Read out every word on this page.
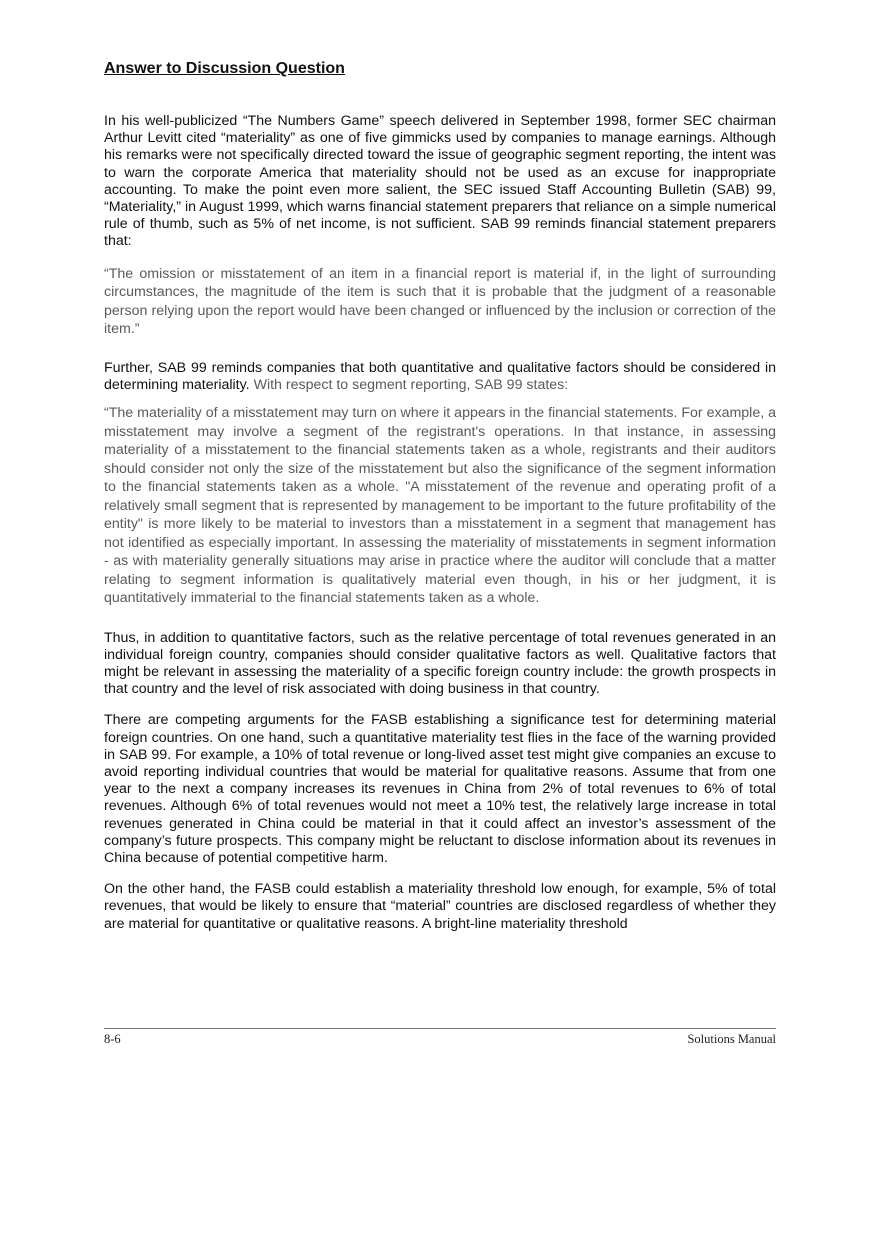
Answer to Discussion Question

In his well-publicized “The Numbers Game” speech delivered in September 1998, former SEC chairman Arthur Levitt cited “materiality” as one of five gimmicks used by companies to manage earnings. Although his remarks were not specifically directed toward the issue of geographic segment reporting, the intent was to warn the corporate America that materiality should not be used as an excuse for inappropriate accounting. To make the point even more salient, the SEC issued Staff Accounting Bulletin (SAB) 99, “Materiality,” in August 1999, which warns financial statement preparers that reliance on a simple numerical rule of thumb, such as 5% of net income, is not sufficient. SAB 99 reminds financial statement preparers that:

“The omission or misstatement of an item in a financial report is material if, in the light of surrounding circumstances, the magnitude of the item is such that it is probable that the judgment of a reasonable person relying upon the report would have been changed or influenced by the inclusion or correction of the item.”

Further, SAB 99 reminds companies that both quantitative and qualitative factors should be considered in determining materiality. With respect to segment reporting, SAB 99 states:

“The materiality of a misstatement may turn on where it appears in the financial statements. For example, a misstatement may involve a segment of the registrant's operations. In that instance, in assessing materiality of a misstatement to the financial statements taken as a whole, registrants and their auditors should consider not only the size of the misstatement but also the significance of the segment information to the financial statements taken as a whole. "A misstatement of the revenue and operating profit of a relatively small segment that is represented by management to be important to the future profitability of the entity" is more likely to be material to investors than a misstatement in a segment that management has not identified as especially important. In assessing the materiality of misstatements in segment information - as with materiality generally situations may arise in practice where the auditor will conclude that a matter relating to segment information is qualitatively material even though, in his or her judgment, it is quantitatively immaterial to the financial statements taken as a whole.

Thus, in addition to quantitative factors, such as the relative percentage of total revenues generated in an individual foreign country, companies should consider qualitative factors as well. Qualitative factors that might be relevant in assessing the materiality of a specific foreign country include: the growth prospects in that country and the level of risk associated with doing business in that country.

There are competing arguments for the FASB establishing a significance test for determining material foreign countries. On one hand, such a quantitative materiality test flies in the face of the warning provided in SAB 99. For example, a 10% of total revenue or long-lived asset test might give companies an excuse to avoid reporting individual countries that would be material for qualitative reasons. Assume that from one year to the next a company increases its revenues in China from 2% of total revenues to 6% of total revenues. Although 6% of total revenues would not meet a 10% test, the relatively large increase in total revenues generated in China could be material in that it could affect an investor’s assessment of the company’s future prospects. This company might be reluctant to disclose information about its revenues in China because of potential competitive harm.

On the other hand, the FASB could establish a materiality threshold low enough, for example, 5% of total revenues, that would be likely to ensure that “material” countries are disclosed regardless of whether they are material for quantitative or qualitative reasons. A bright-line materiality threshold

8-6	Solutions Manual
